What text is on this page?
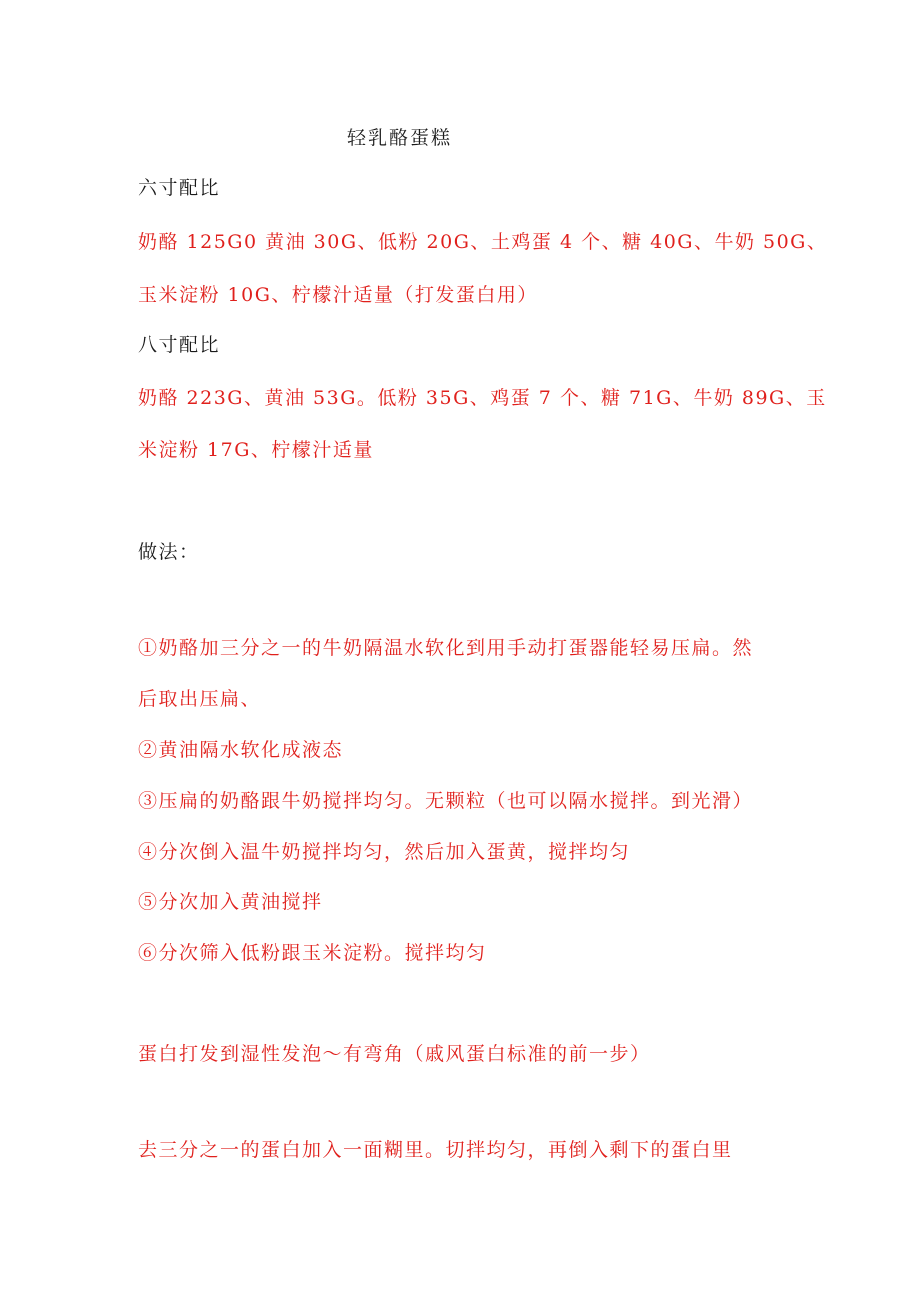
轻乳酪蛋糕
六寸配比
奶酪 125G0 黄油 30G、低粉 20G、土鸡蛋 4 个、糖 40G、牛奶 50G、
玉米淀粉 10G、柠檬汁适量（打发蛋白用）
八寸配比
奶酪 223G、黄油 53G。低粉 35G、鸡蛋 7 个、糖 71G、牛奶 89G、玉
米淀粉 17G、柠檬汁适量
做法：
①奶酪加三分之一的牛奶隔温水软化到用手动打蛋器能轻易压扁。然
后取出压扁、
②黄油隔水软化成液态
③压扁的奶酪跟牛奶搅拌均匀。无颗粒（也可以隔水搅拌。到光滑）
④分次倒入温牛奶搅拌均匀，然后加入蛋黄，搅拌均匀
⑤分次加入黄油搅拌
⑥分次筛入低粉跟玉米淀粉。搅拌均匀
蛋白打发到湿性发泡～有弯角（戚风蛋白标准的前一步）
去三分之一的蛋白加入一面糊里。切拌均匀，再倒入剩下的蛋白里
